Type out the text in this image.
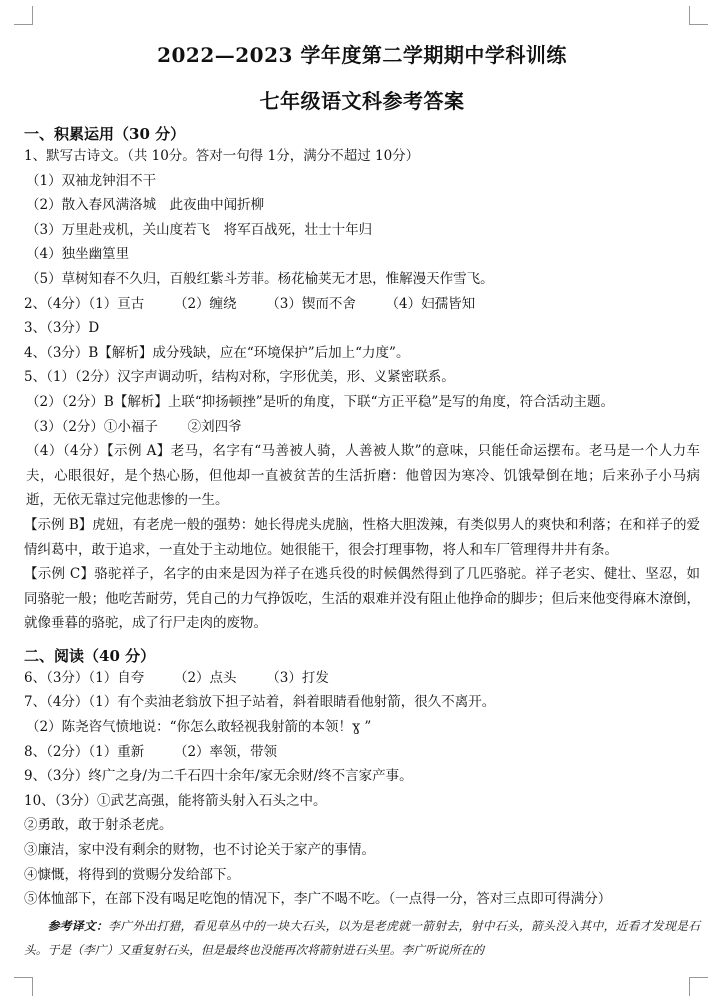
2022—2023 学年度第二学期期中学科训练
七年级语文科参考答案
一、积累运用（30 分）
1、默写古诗文。（共 10分。答对一句得 1分，满分不超过 10分）
（1）双袖龙钟泪不干
（2）散入春风满洛城　此夜曲中闻折柳
（3）万里赴戎机，关山度若飞　将军百战死，壮士十年归
（4）独坐幽篁里
（5）草树知春不久归，百般红紫斗芳菲。杨花榆荚无才思，惟解漫天作雪飞。
2、（4分）（1）亘古 （2）缠绕 （3）锲而不舍 （4）妇孺皆知
3、（3分）D
4、（3分）B【解析】成分残缺，应在“环境保护”后加上“力度”。
5、（1）（2分）汉字声调动听，结构对称，字形优美，形、义紧密联系。
（2）（2分）B【解析】上联“抑扬顿挫”是听的角度，下联“方正平稳”是写的角度，符合活动主题。
（3）（2分）①小福子 ②刘四爷
（4）（4分）【示例 A】老马，名字有“马善被人骑，人善被人欺”的意味，只能任命运摆布。老马是一个人力车夫，心眼很好，是个热心肠，但他却一直被贫苦的生活折磨：他曾因为寒冷、饥饿晕倒在地；后来孙子小马病逝，无依无靠过完他悲惨的一生。
【示例 B】虎妞，有老虎一般的强势：她长得虎头虎脑，性格大胆泼辣，有类似男人的爽快和利落；在和祥子的爱情纠葛中，敢于追求，一直处于主动地位。她很能干，很会打理事物，将人和车厂管理得井井有条。
【示例 C】骆驼祥子，名字的由来是因为祥子在逃兵役的时候偶然得到了几匹骆驼。祥子老实、健壮、坚忍，如同骆驼一般；他吃苦耐劳，凭自己的力气挣饭吃，生活的艰难并没有阻止他挣命的脚步；但后来他变得麻木潦倒，就像垂暮的骆驼，成了行尸走肉的废物。
二、阅读（40 分）
6、（3分）（1）自夸 （2）点头 （3）打发
7、（4分）（1）有个卖油老翁放下担子站着，斜着眼睛看他射箭，很久不离开。
（2）陈尧咨气愤地说：“你怎么敢轻视我射箭的本领！ɣ ”
8、（2分）（1）重新 （2）率领，带领
9、（3分）终广之身/为二千石四十余年/家无余财/终不言家产事。
10、（3分）①武艺高强，能将箭头射入石头之中。
②勇敢，敢于射杀老虎。
③廉洁，家中没有剩余的财物，也不讨论关于家产的事情。
④慷慨，将得到的赏赐分发给部下。
⑤体恤部下，在部下没有喝足吃饱的情况下，李广不喝不吃。（一点得一分，答对三点即可得满分）
参考译文：李广外出打猎，看见草丛中的一块大石头，以为是老虎就一箭射去，射中石头，箭头没入其中，近看才发现是石头。于是（李广）又重复射石头，但是最终也没能再次将箭射进石头里。李广听说所在的
